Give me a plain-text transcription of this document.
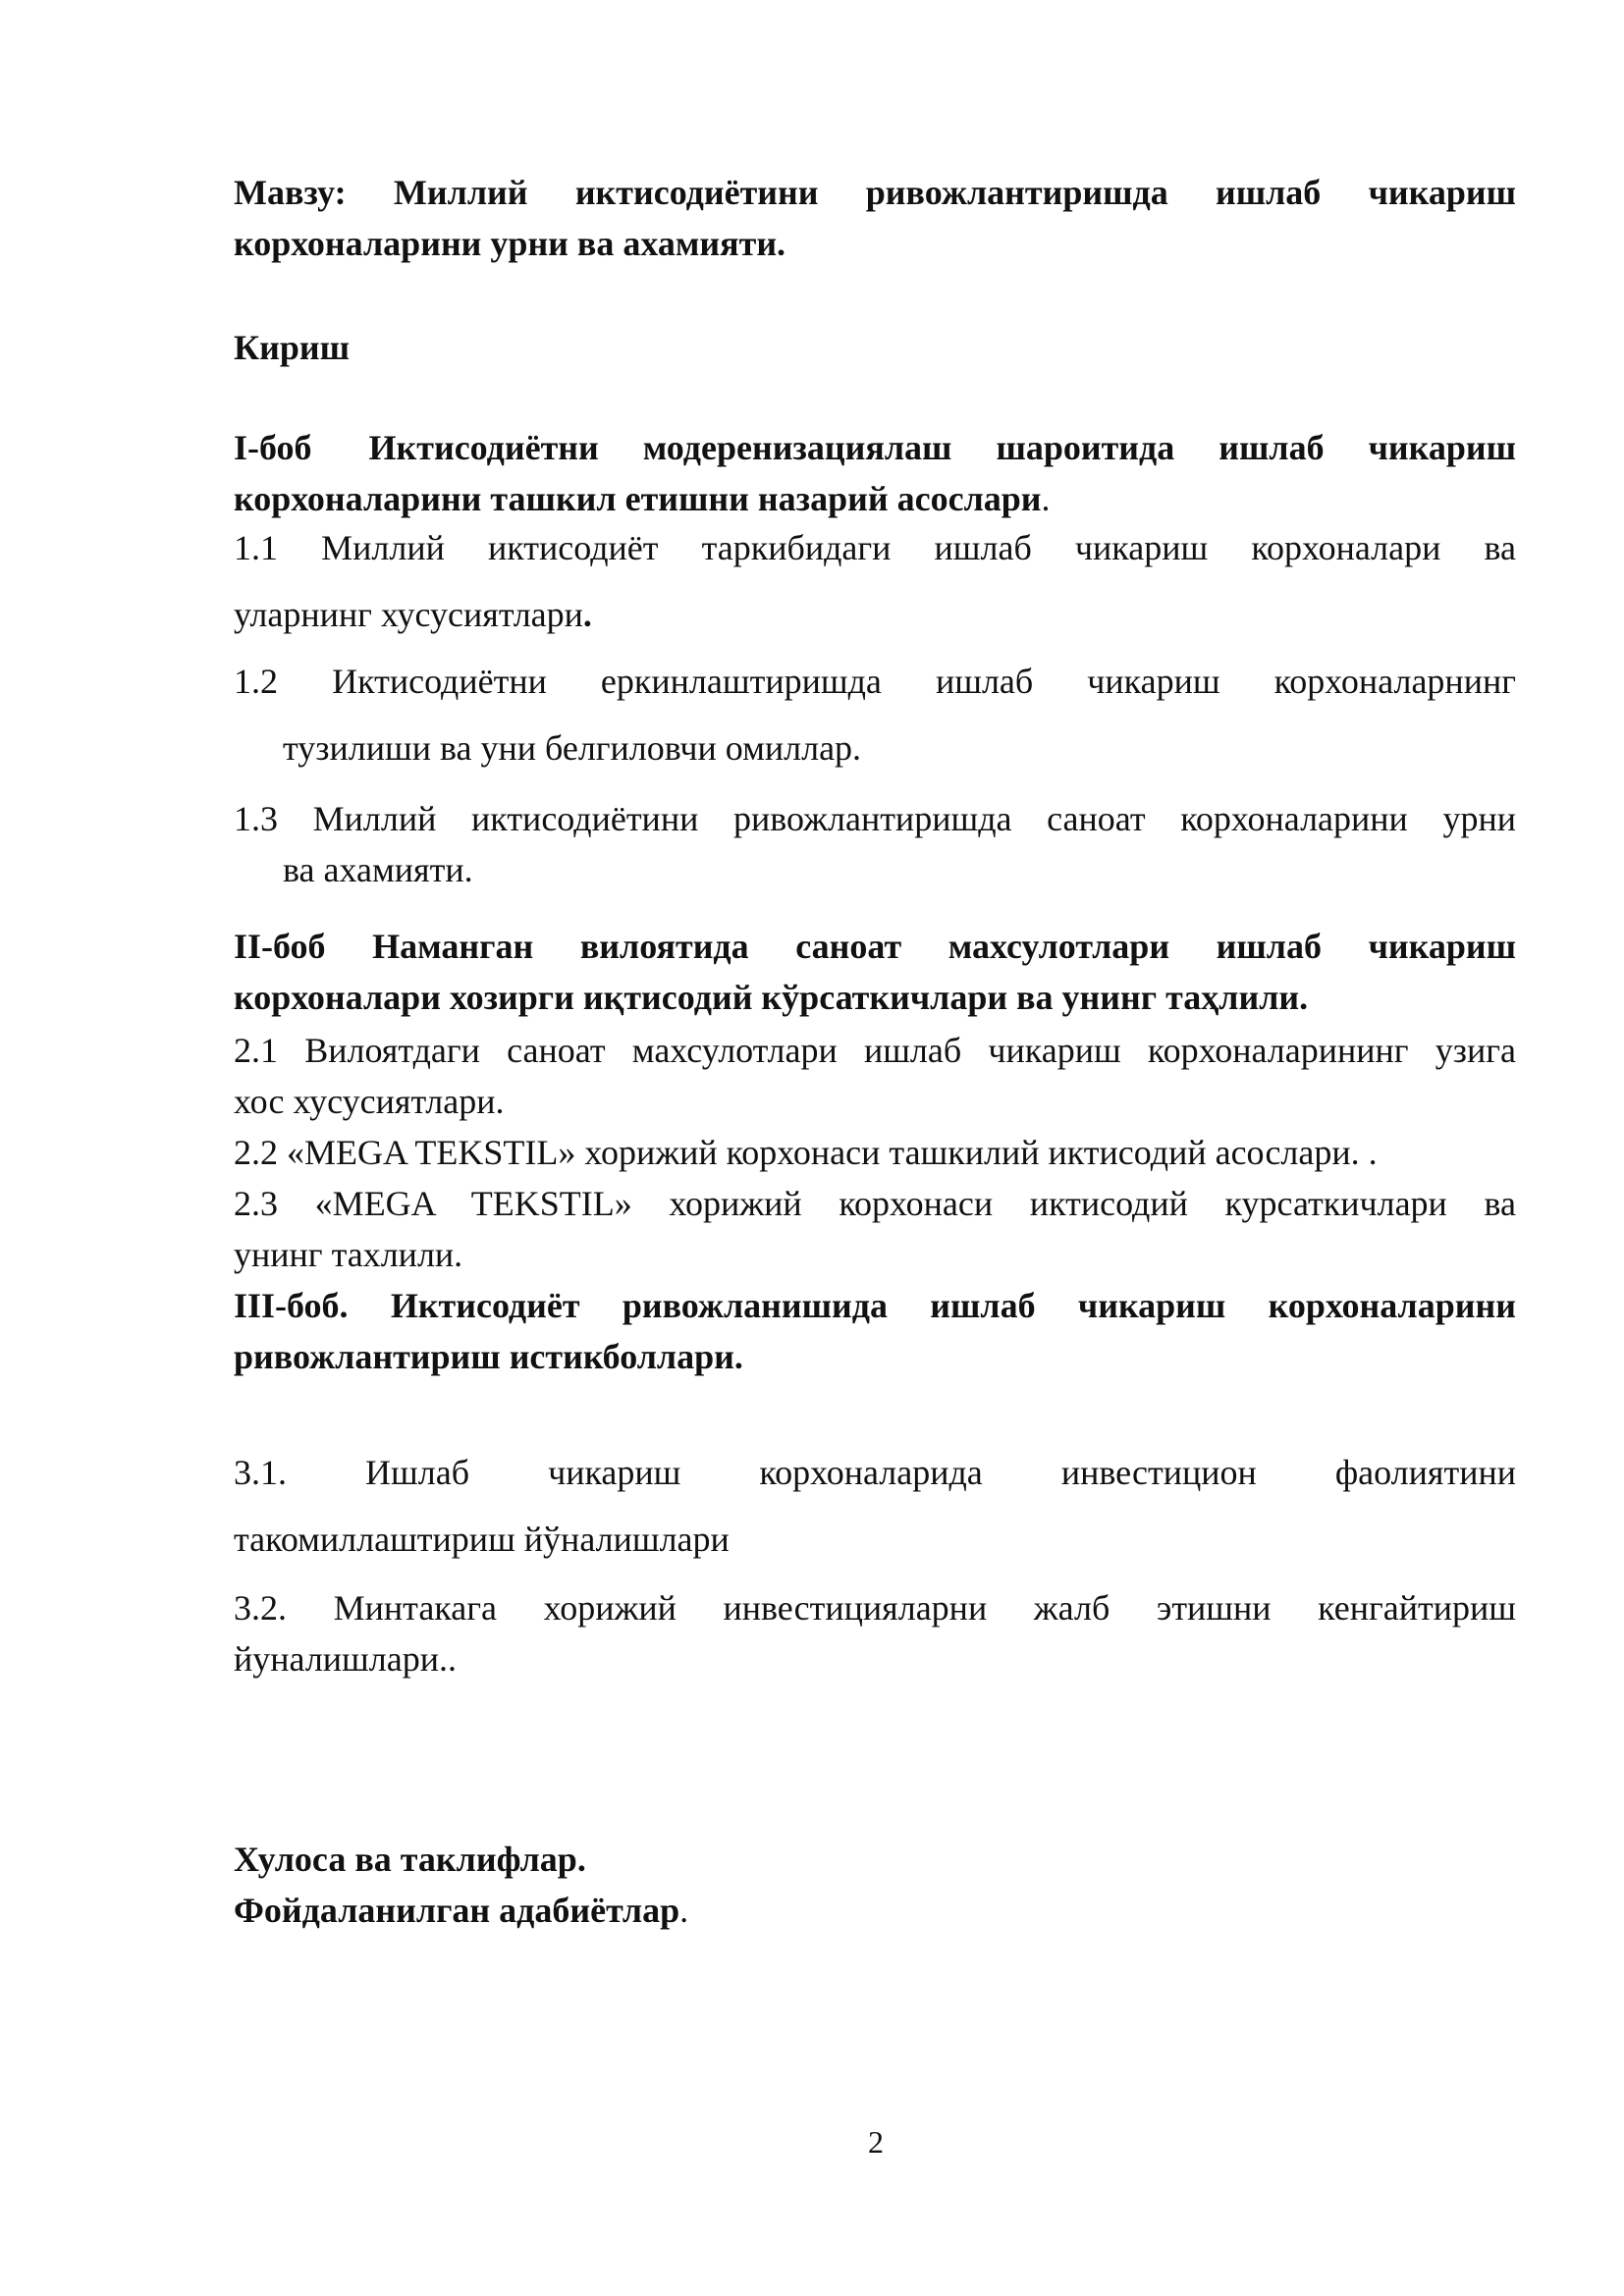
Мавзу: Миллий иктисодиётини ривожлантиришда ишлаб чикариш
корхоналарини урни ва ахамияти.
Кириш
I-боб Иктисодиётни модеренизациялаш шароитида ишлаб чикариш
корхоналарини ташкил етишни назарий асослари.
1.1 Миллий иктисодиёт таркибидаги ишлаб чикариш корхоналари ва
уларнинг хусусиятлари.
1.2 Иктисодиётни еркинлаштиришда ишлаб чикариш корхоналарнинг
тузилиши ва уни белгиловчи омиллар.
1.3 Миллий иктисодиётини ривожлантиришда саноат корхоналарини урни
ва ахамияти.
II-боб Наманган вилоятида саноат махсулотлари ишлаб чикариш
корхоналари хозирги иқтисодий кўрсаткичлари ва унинг таҳлили.
2.1 Вилоятдаги саноат махсулотлари ишлаб чикариш корхоналарининг узига
хос хусусиятлари.
2.2 «MEGA TEKSTIL» хорижий корхонаси ташкилий иктисодий асослари. .
2.3 «MEGA TEKSTIL» хорижий корхонаси иктисодий курсаткичлари ва
унинг тахлили.
III-боб. Иктисодиёт ривожланишида ишлаб чикариш корхоналарини
ривожлантириш истикболлари.
3.1. Ишлаб чикариш корхоналарида инвестицион фаолиятини
такомиллаштириш йўналишлари
3.2. Минтакага хорижий инвестицияларни жалб этишни кенгайтириш
йуналишлари..
Хулоса ва таклифлар.
Фойдаланилган адабиётлар.
2
